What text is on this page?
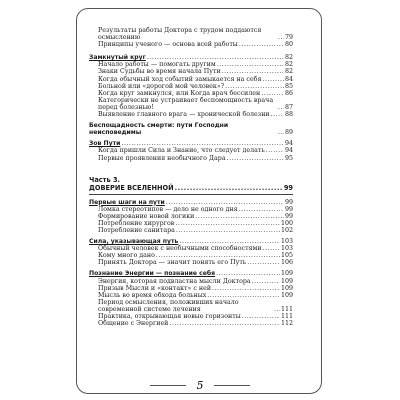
Результаты работы Доктора с трудом поддаются осмыслению .....	79
Принципы ученого — основа всей работы .....	80
Замкнутый круг .....	82
Начало работы — помогать другим .....	82
Знаки Судьбы во время начала Пути .....	82
Когда обычный ход событий замыкается на себя .....	84
Больной или «дорогой мой человек»? .....	85
Когда круг замкнулся, или Когда врач бессилен .....	86
Категорически не устраивает беспомощность врача перед болезнью! .....	87
Выявление главного врага — хронической болезни ..... 88
Беспощадность смерти: пути Господни неисповедимы .....	89
Зов Пути .....	94
Когда пришли Сила и Знание, что следует делать .....	94
Первые проявления необычного Дара .....	95
Часть 3.
ДОВЕРИЕ ВСЕЛЕННОЙ .....	99
Первые шаги на пути .....	99
Ломка стереотипов — дело не одного дня .....	99
Формирование новой логики .....	99
Потребление хирургов .....	100
Потребление санитара .....	102
Сила, указывающая путь .....	103
Обычный человек с необычными способностями .....	103
Кому много дано .....	105
Принять Доктора — значит понять его Путь .....	106
Познание Энергии — познание себя .....	109
Энергия, которая подвластна мысли Доктора .....	109
Призыв Мысли и «контакт» с ней .....	109
Мысль во время обхода больных .....	109
Период осмысления, положивших начало современной системе лечения .....	111
Практика, открывающая новые горизонты .....	111
Общение с Энергией .....	112
5
